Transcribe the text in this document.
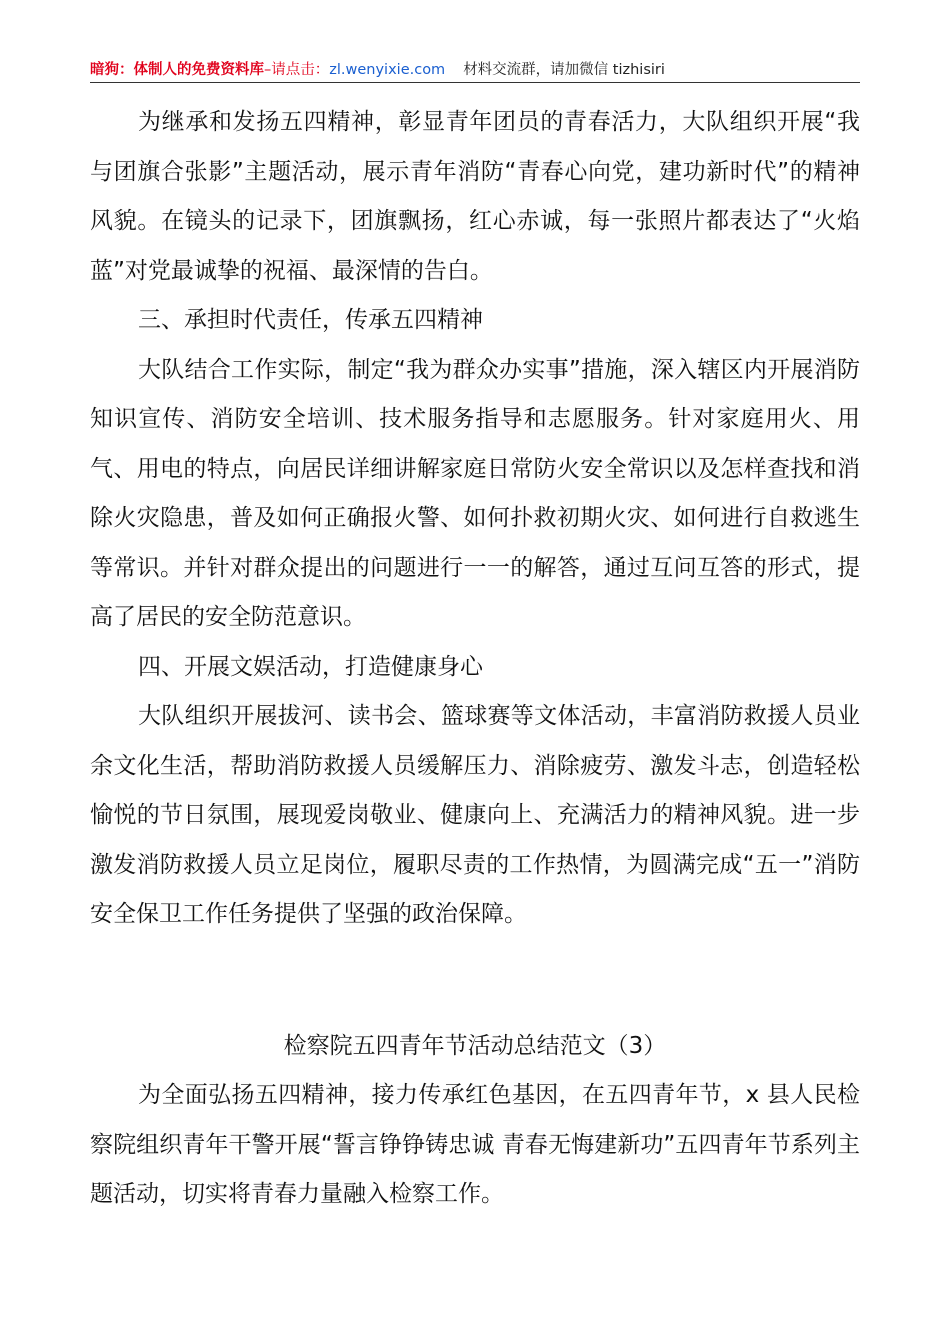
暗狗：体制人的免费资料库–请点击：zl.wenyixie.com 材料交流群，请加微信 tizhisiri

为继承和发扬五四精神，彰显青年团员的青春活力，大队组织开展“我与团旗合张影”主题活动，展示青年消防“青春心向党，建功新时代”的精神风貌。在镜头的记录下，团旗飘扬，红心赤诚，每一张照片都表达了“火焰蓝”对党最诚挚的祝福、最深情的告白。

三、承担时代责任，传承五四精神

大队结合工作实际，制定“我为群众办实事”措施，深入辖区内开展消防知识宣传、消防安全培训、技术服务指导和志愿服务。针对家庭用火、用气、用电的特点，向居民详细讲解家庭日常防火安全常识以及怎样查找和消除火灾隐患，普及如何正确报火警、如何扑救初期火灾、如何进行自救逃生等常识。并针对群众提出的问题进行一一的解答，通过互问互答的形式，提高了居民的安全防范意识。

四、开展文娱活动，打造健康身心

大队组织开展拔河、读书会、篮球赛等文体活动，丰富消防救援人员业余文化生活，帮助消防救援人员缓解压力、消除疲劳、激发斗志，创造轻松愉悦的节日氛围，展现爱岗敬业、健康向上、充满活力的精神风貌。进一步激发消防救援人员立足岗位，履职尽责的工作热情，为圆满完成“五一”消防安全保卫工作任务提供了坚强的政治保障。

检察院五四青年节活动总结范文（3）

为全面弘扬五四精神，接力传承红色基因，在五四青年节，x 县人民检察院组织青年干警开展“誓言铮铮铸忠诚 青春无悔建新功”五四青年节系列主题活动，切实将青春力量融入检察工作。
